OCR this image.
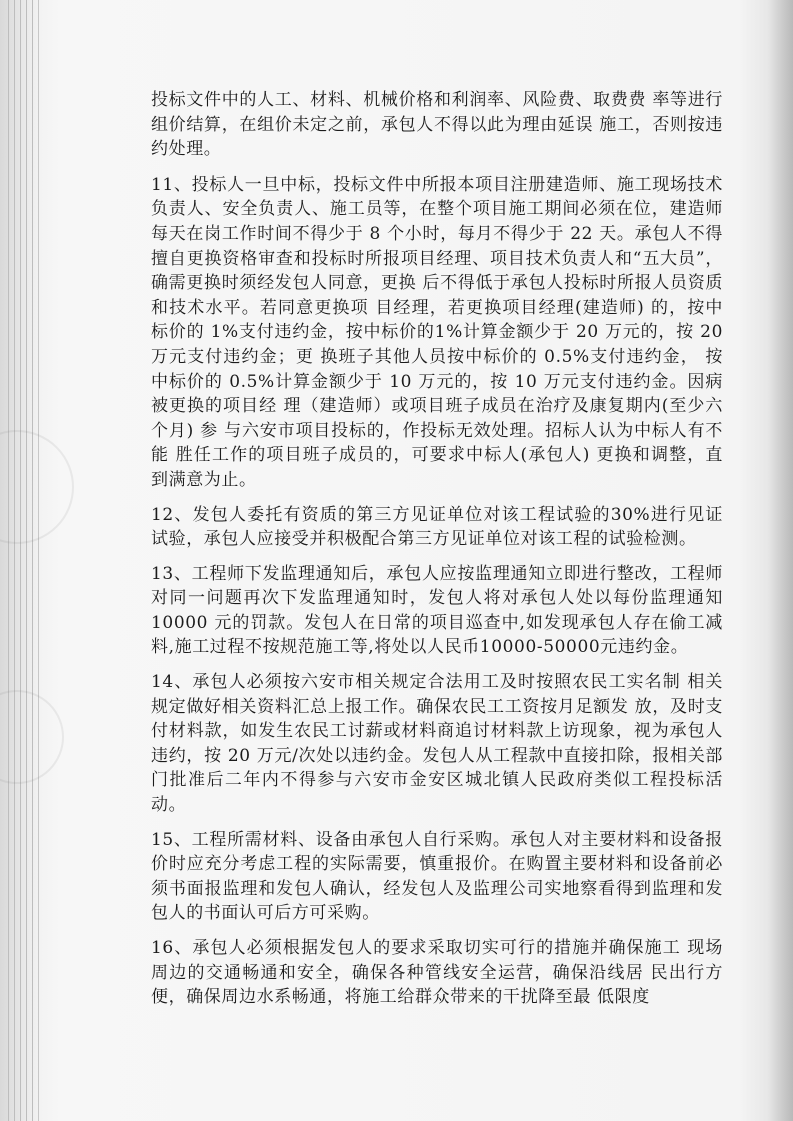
投标文件中的人工、材料、机械价格和利润率、风险费、取费费 率等进行组价结算，在组价未定之前，承包人不得以此为理由延误 施工，否则按违约处理。

11、投标人一旦中标，投标文件中所报本项目注册建造师、施工现场技术负责人、安全负责人、施工员等，在整个项目施工期间必须在位，建造师每天在岗工作时间不得少于 8 个小时，每月不得少于 22 天。承包人不得擅自更换资格审查和投标时所报项目经理、项目技术负责人和“五大员”，确需更换时须经发包人同意，更换 后不得低于承包人投标时所报人员资质和技术水平。若同意更换项 目经理，若更换项目经理(建造师) 的，按中标价的 1%支付违约金，按中标价的1%计算金额少于 20 万元的，按 20 万元支付违约金；更 换班子其他人员按中标价的 0.5%支付违约金， 按中标价的 0.5%计算金额少于 10 万元的，按 10 万元支付违约金。因病被更换的项目经 理（建造师）或项目班子成员在治疗及康复期内(至少六个月) 参 与六安市项目投标的，作投标无效处理。招标人认为中标人有不能 胜任工作的项目班子成员的，可要求中标人(承包人) 更换和调整，直到满意为止。

12、发包人委托有资质的第三方见证单位对该工程试验的30%进行见证试验，承包人应接受并积极配合第三方见证单位对该工程的试验检测。

13、工程师下发监理通知后，承包人应按监理通知立即进行整改，工程师对同一问题再次下发监理通知时，发包人将对承包人处以每份监理通知 10000 元的罚款。发包人在日常的项目巡查中,如发现承包人存在偷工减料,施工过程不按规范施工等,将处以人民币10000-50000元违约金。

14、承包人必须按六安市相关规定合法用工及时按照农民工实名制 相关规定做好相关资料汇总上报工作。确保农民工工资按月足额发 放，及时支付材料款，如发生农民工讨薪或材料商追讨材料款上访现象，视为承包人违约，按 20 万元/次处以违约金。发包人从工程款中直接扣除，报相关部门批准后二年内不得参与六安市金安区城北镇人民政府类似工程投标活动。

15、工程所需材料、设备由承包人自行采购。承包人对主要材料和设备报价时应充分考虑工程的实际需要，慎重报价。在购置主要材料和设备前必须书面报监理和发包人确认，经发包人及监理公司实地察看得到监理和发包人的书面认可后方可采购。

16、承包人必须根据发包人的要求采取切实可行的措施并确保施工 现场周边的交通畅通和安全，确保各种管线安全运营，确保沿线居 民出行方便，确保周边水系畅通，将施工给群众带来的干扰降至最 低限度
